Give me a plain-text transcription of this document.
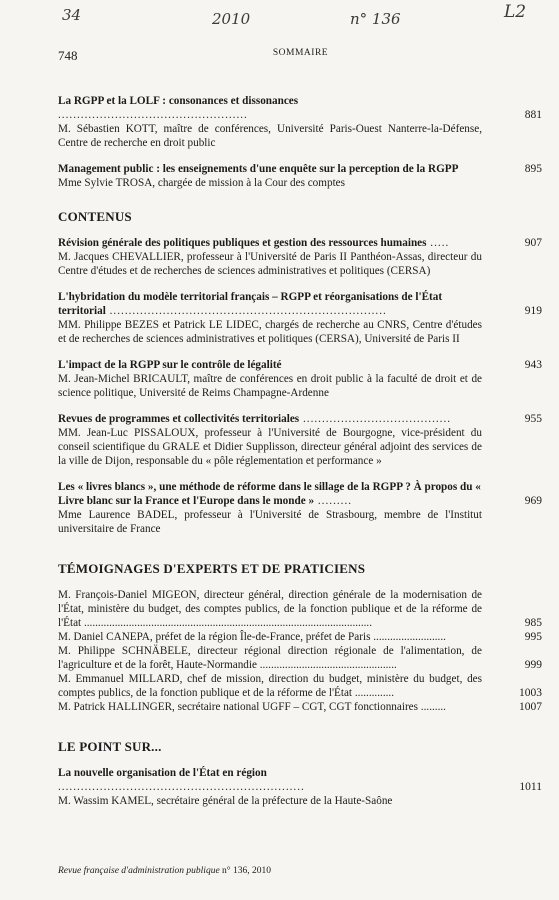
34	2010	n° 136	L2
748	SOMMAIRE
La RGPP et la LOLF : consonances et dissonances ..................................................	881
M. Sébastien KOTT, maître de conférences, Université Paris-Ouest Nanterre-la-Défense, Centre de recherche en droit public
Management public : les enseignements d'une enquête sur la perception de la RGPP	895
Mme Sylvie TROSA, chargée de mission à la Cour des comptes
CONTENUS
Révision générale des politiques publiques et gestion des ressources humaines .....	907
M. Jacques CHEVALLIER, professeur à l'Université de Paris II Panthéon-Assas, directeur du Centre d'études et de recherches de sciences administratives et politiques (CERSA)
L'hybridation du modèle territorial français – RGPP et réorganisations de l'État territorial .........................................................................	919
MM. Philippe BEZES et Patrick LE LIDEC, chargés de recherche au CNRS, Centre d'études et de recherches de sciences administratives et politiques (CERSA), Université de Paris II
L'impact de la RGPP sur le contrôle de légalité	943
M. Jean-Michel BRICAULT, maître de conférences en droit public à la faculté de droit et de science politique, Université de Reims Champagne-Ardenne
Revues de programmes et collectivités territoriales .......................................	955
MM. Jean-Luc PISSALOUX, professeur à l'Université de Bourgogne, vice-président du conseil scientifique du GRALE et Didier Supplisson, directeur général adjoint des services de la ville de Dijon, responsable du « pôle réglementation et performance »
Les « livres blancs », une méthode de réforme dans le sillage de la RGPP ? À propos du « Livre blanc sur la France et l'Europe dans le monde » .........	969
Mme Laurence BADEL, professeur à l'Université de Strasbourg, membre de l'Institut universitaire de France
TÉMOIGNAGES D'EXPERTS ET DE PRATICIENS
M. François-Daniel MIGEON, directeur général, direction générale de la modernisation de l'État, ministère du budget, des comptes publics, de la fonction publique et de la réforme de l'État .......................................................................................................	985
M. Daniel CANEPA, préfet de la région Île-de-France, préfet de Paris ..........................	995
M. Philippe SCHNÄBELE, directeur régional direction régionale de l'alimentation, de l'agriculture et de la forêt, Haute-Normandie .................................................	999
M. Emmanuel MILLARD, chef de mission, direction du budget, ministère du budget, des comptes publics, de la fonction publique et de la réforme de l'État ..............	1003
M. Patrick HALLINGER, secrétaire national UGFF – CGT, CGT fonctionnaires .........	1007
LE POINT SUR...
La nouvelle organisation de l'État en région .................................................................	1011
M. Wassim KAMEL, secrétaire général de la préfecture de la Haute-Saône
Revue française d'administration publique n° 136, 2010
